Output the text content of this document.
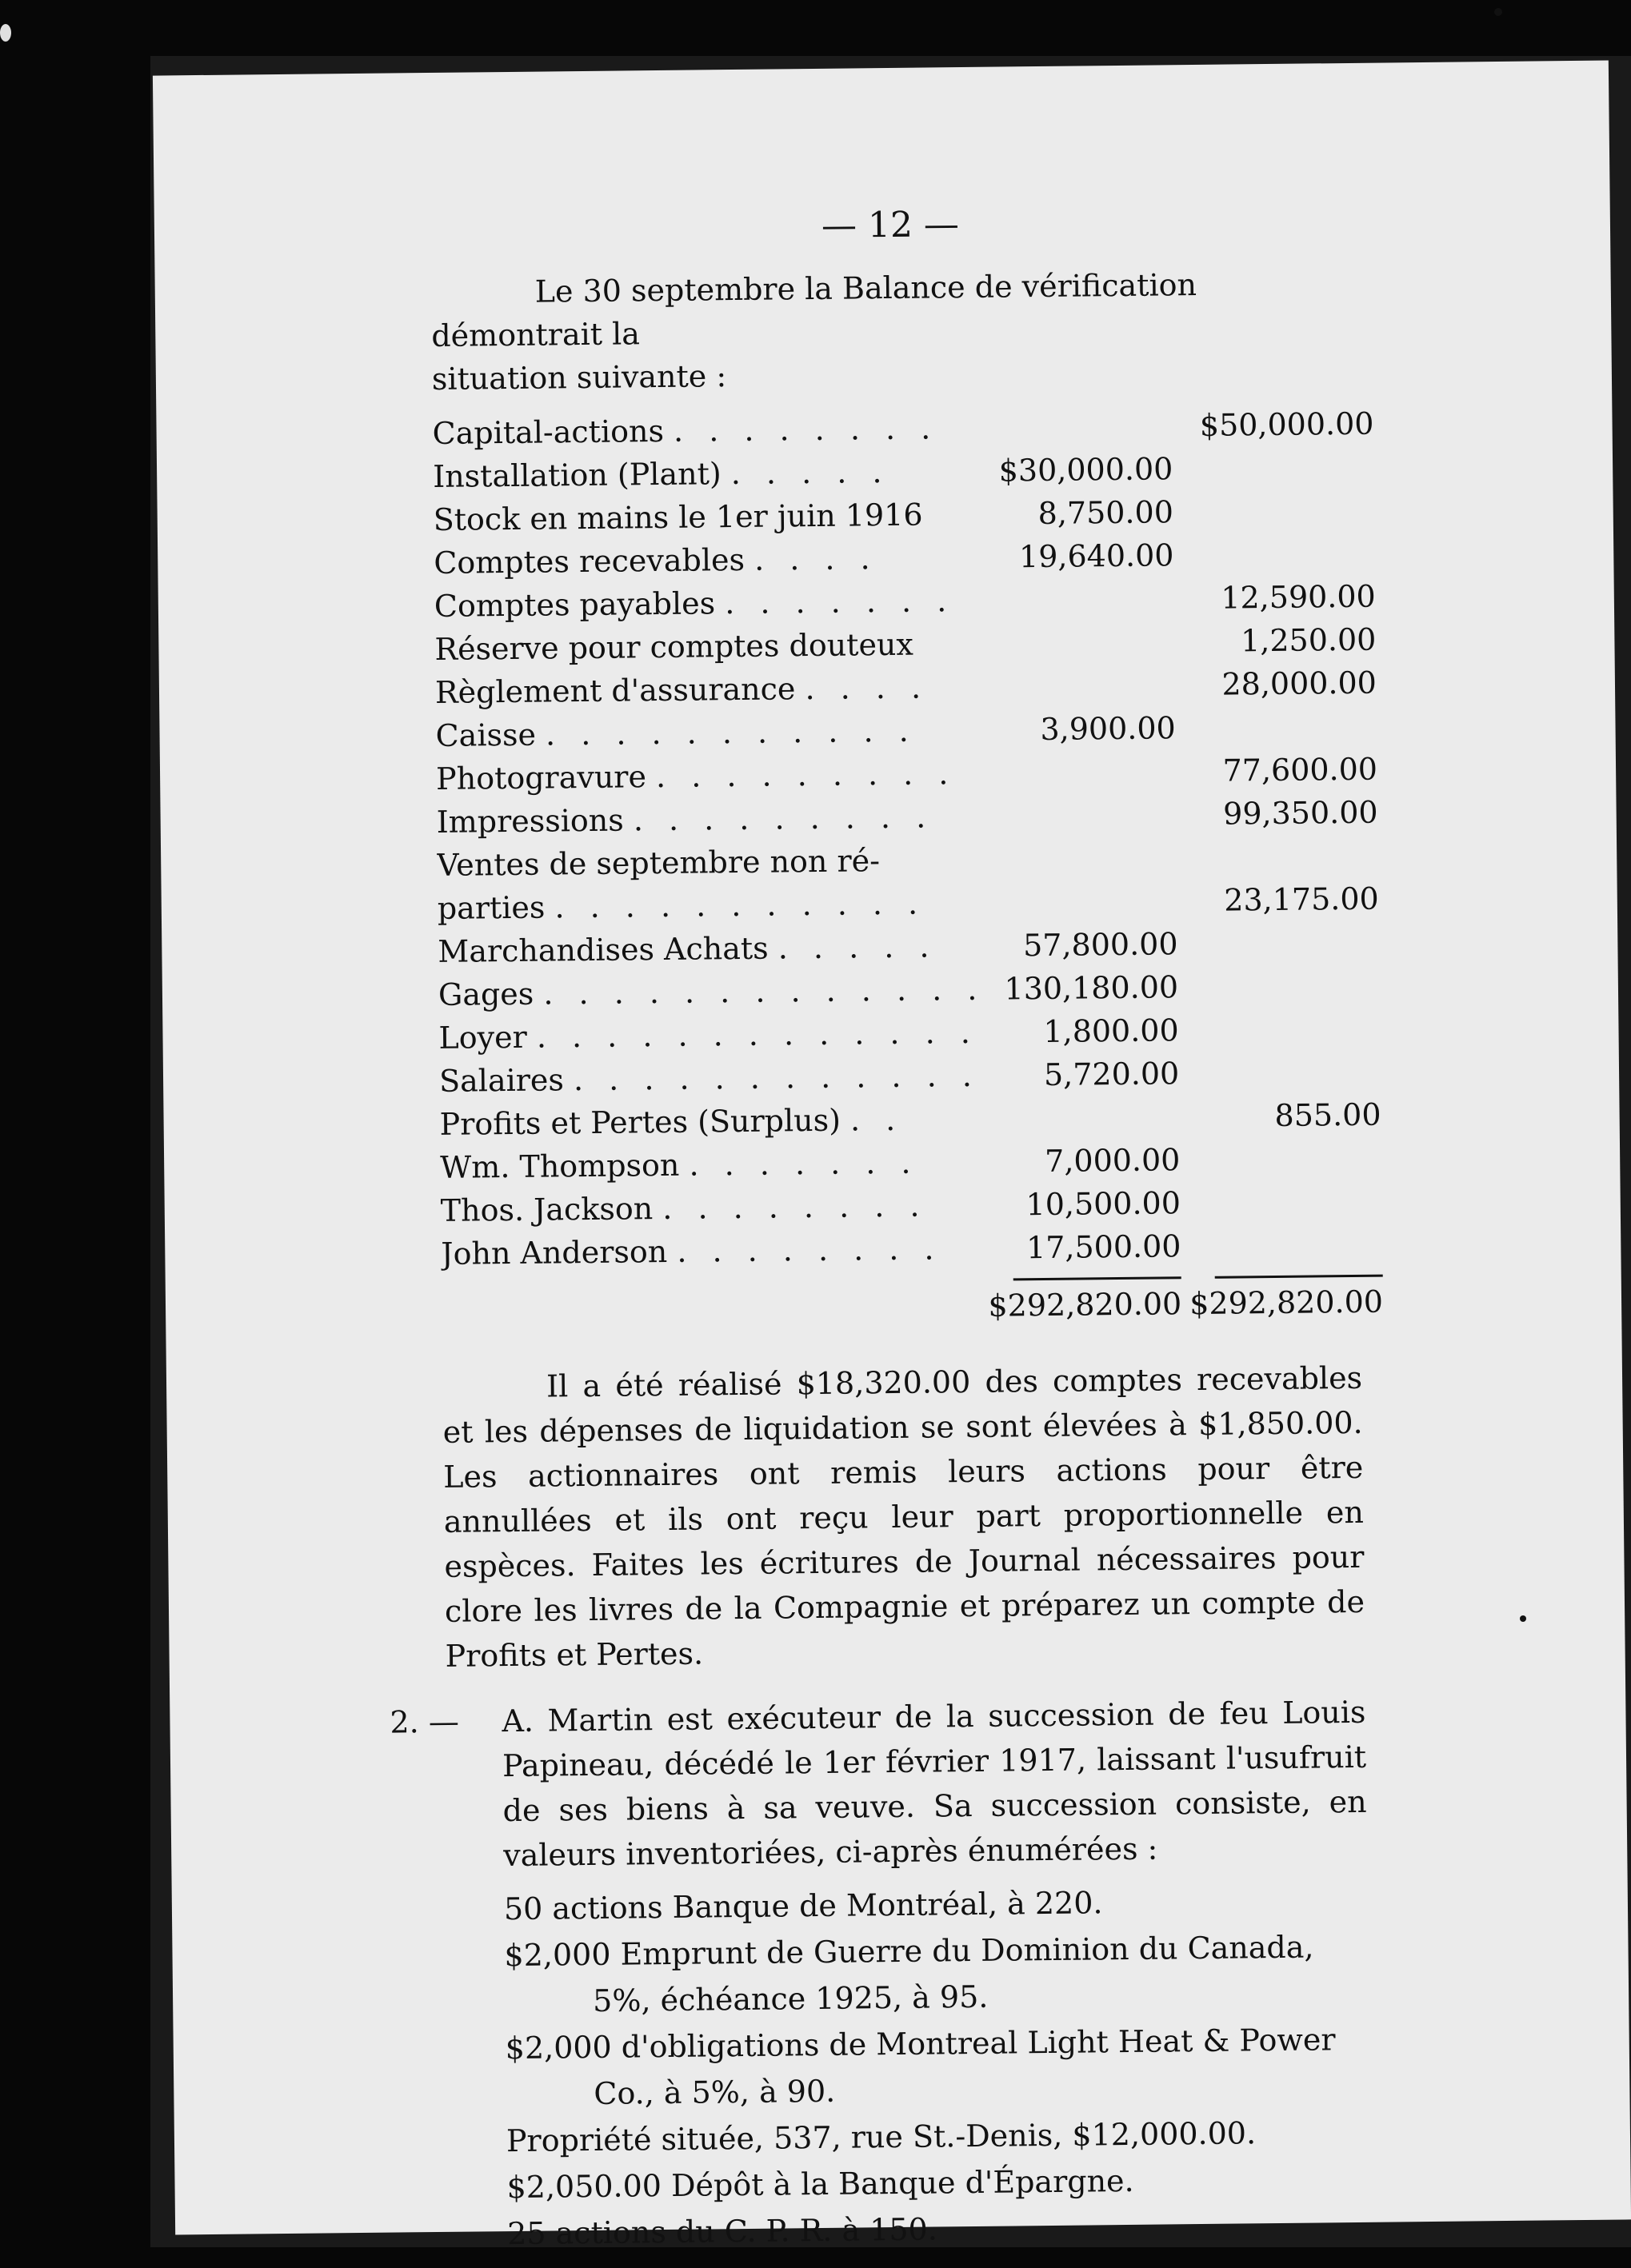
— 12 —

Le 30 septembre la Balance de vérification démontrait la

situation suivante :

Capital-actions . . . . . . . .		$50,000.00
Installation (Plant) . . . . .	$30,000.00	
Stock en mains le 1er juin 1916	8,750.00	
Comptes recevables . . . .	19,640.00	
Comptes payables . . . . . . .		12,590.00
Réserve pour comptes douteux		1,250.00
Règlement d'assurance . . . .		28,000.00
Caisse . . . . . . . . . . .	3,900.00	
Photogravure . . . . . . . . .		77,600.00
Impressions . . . . . . . . .		99,350.00
Ventes de septembre non ré-		
parties . . . . . . . . . . .		23,175.00
Marchandises Achats . . . . .	57,800.00	
Gages . . . . . . . . . . . . .	130,180.00	
Loyer . . . . . . . . . . . . .	1,800.00	
Salaires . . . . . . . . . . . .	5,720.00	
Profits et Pertes (Surplus) . .		855.00
Wm. Thompson . . . . . . .	7,000.00	
Thos. Jackson . . . . . . . .	10,500.00	
John Anderson . . . . . . . .	17,500.00	

	$292,820.00	$292,820.00

Il a été réalisé $18,320.00 des comptes recevables et les dépenses de liquidation se sont élevées à $1,850.00. Les actionnaires ont remis leurs actions pour être annullées et ils ont reçu leur part proportionnelle en espèces. Faites les écritures de Journal nécessaires pour clore les livres de la Compagnie et préparez un compte de Profits et Pertes.

2. — A. Martin est exécuteur de la succession de feu Louis Papineau, décédé le 1er février 1917, laissant l'usufruit de ses biens à sa veuve. Sa succession consiste, en valeurs inventoriées, ci-après énumérées :
50 actions Banque de Montréal, à 220.
$2,000 Emprunt de Guerre du Dominion du Canada, 5%, échéance 1925, à 95.
$2,000 d'obligations de Montreal Light Heat & Power Co., à 5%, à 90.
Propriété située, 537, rue St.-Denis, $12,000.00.
$2,050.00 Dépôt à la Banque d'Épargne.
25 actions du C. P. R. à 150.
